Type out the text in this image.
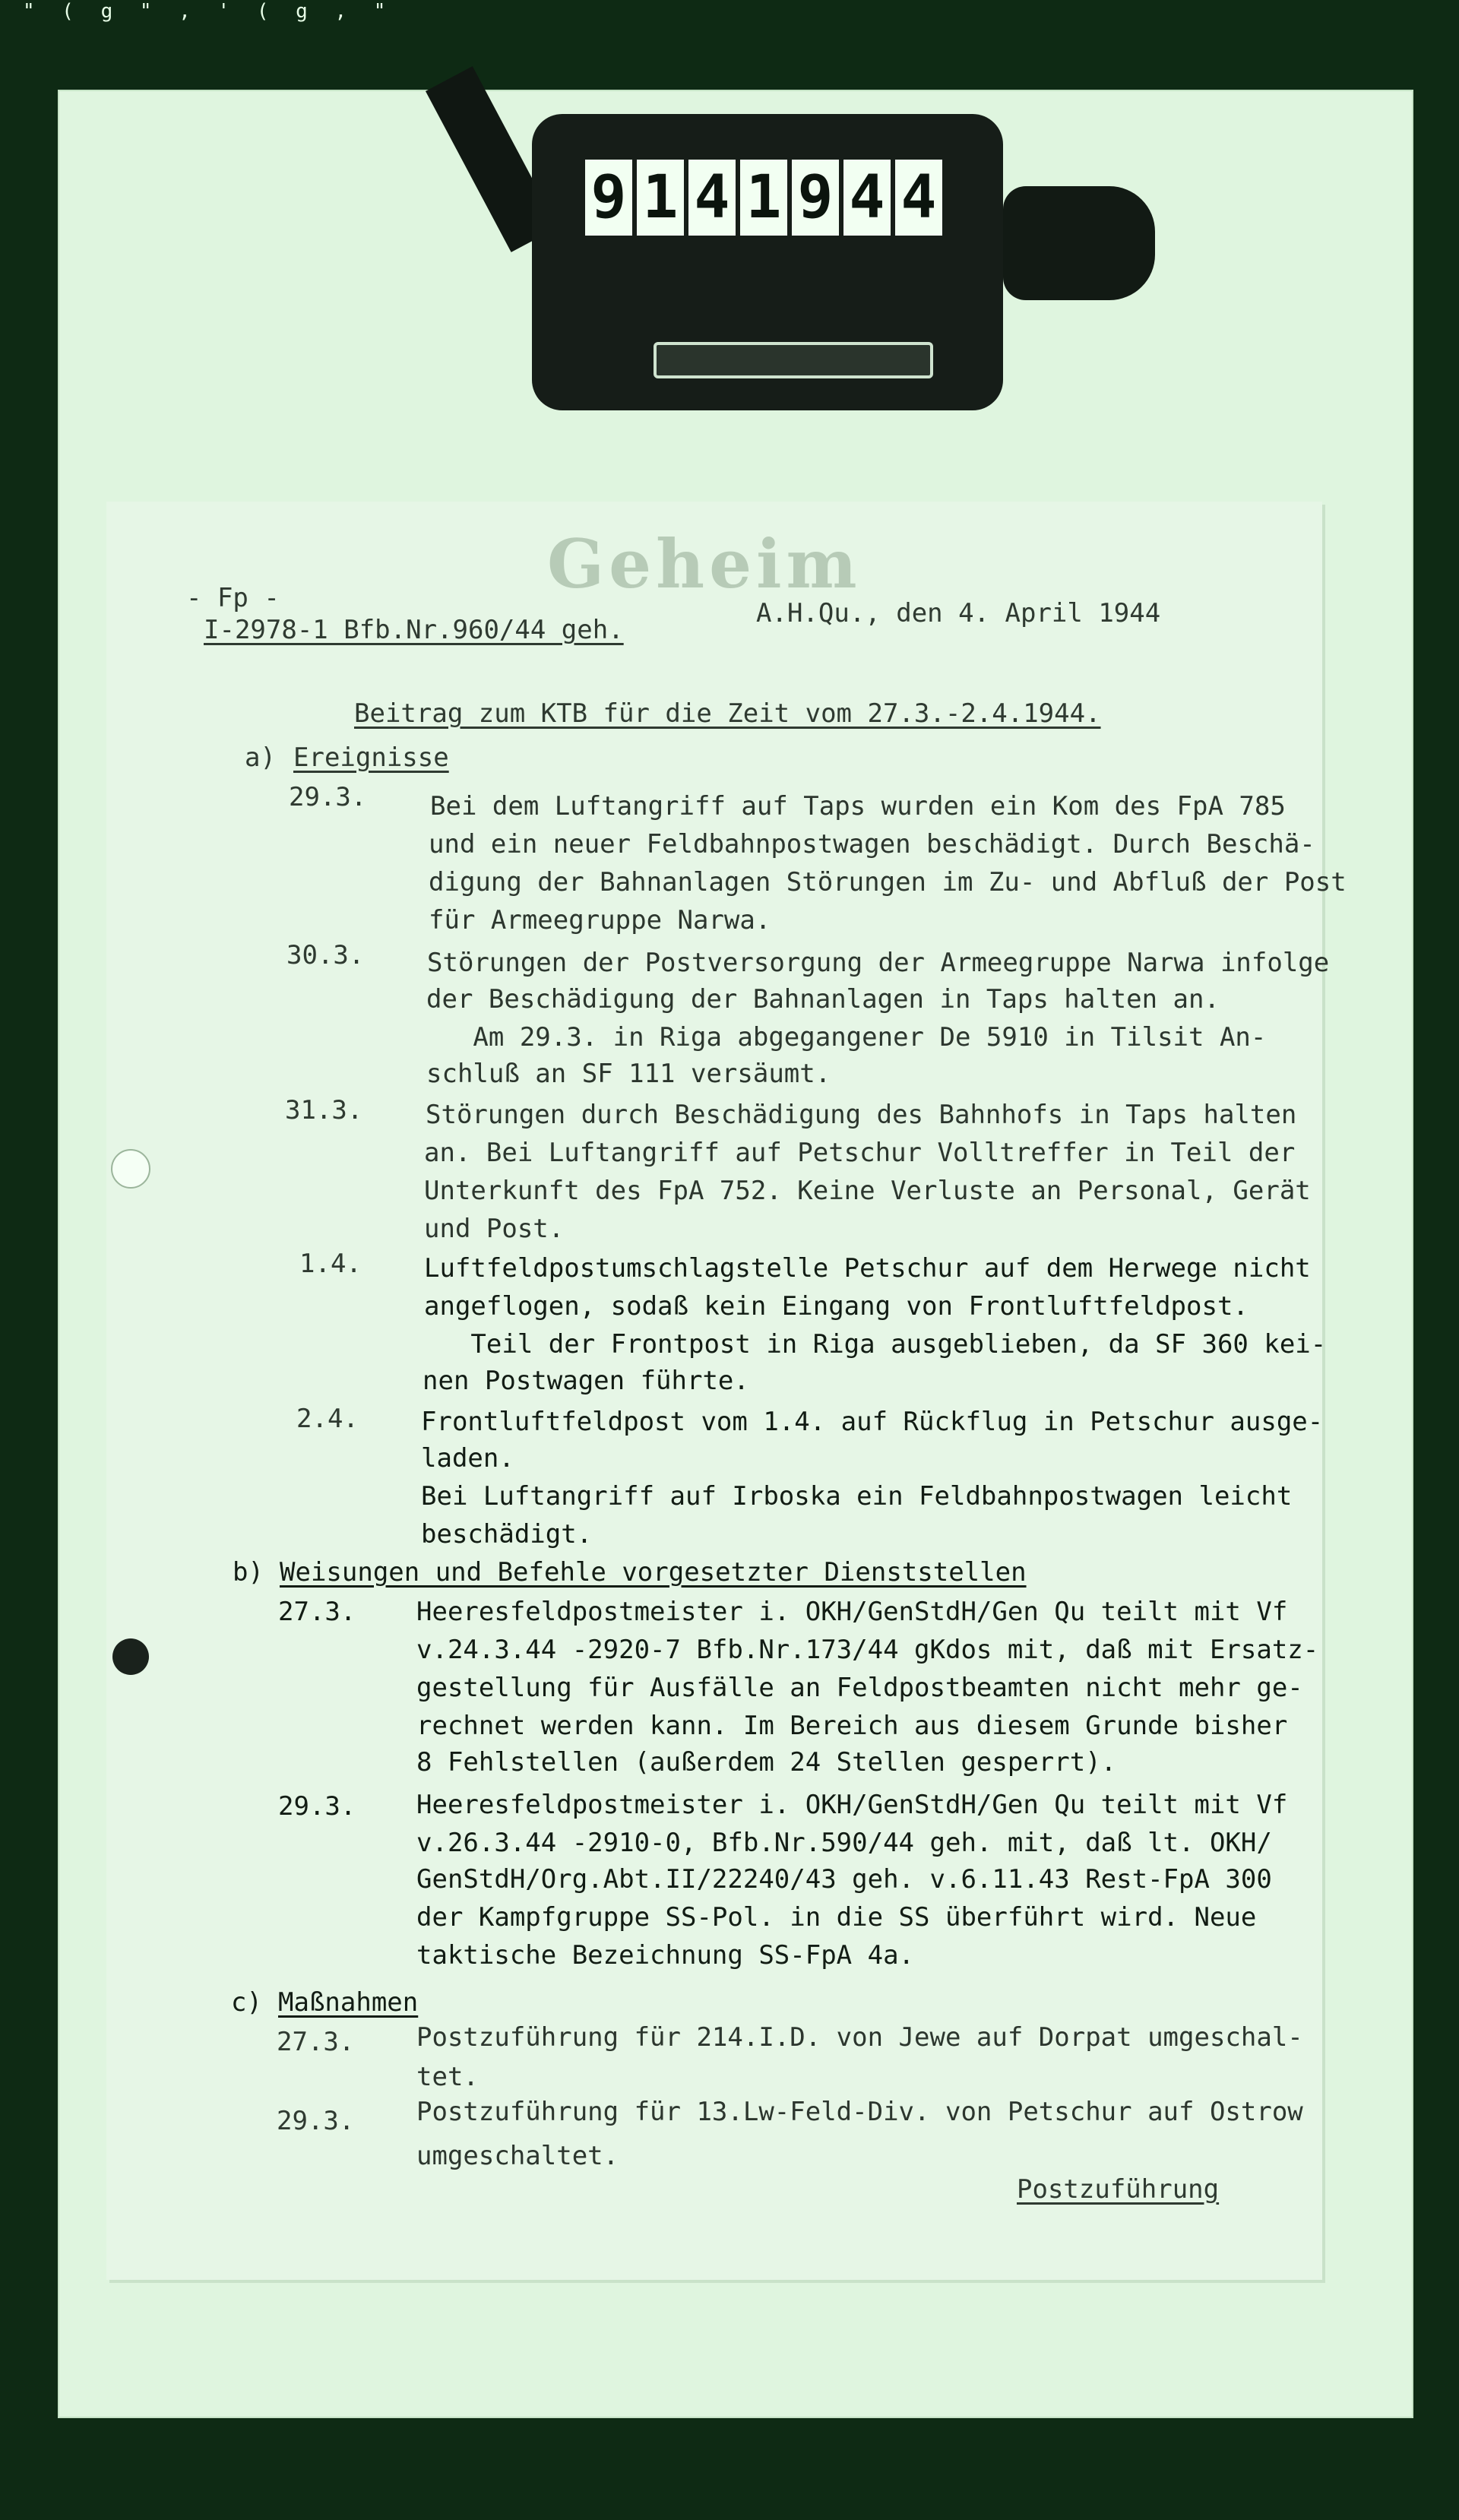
" ( g " , ' ( g , "
9 1 4 1 9 4 4
Geheim
- Fp -
I-2978-1 Bfb.Nr.960/44 geh.
A.H.Qu., den 4. April 1944
Beitrag zum KTB für die Zeit vom 27.3.-2.4.1944.
a) Ereignisse
29.3. Bei dem Luftangriff auf Taps wurden ein Kom des FpA 785
und ein neuer Feldbahnpostwagen beschädigt. Durch Beschä-
digung der Bahnanlagen Störungen im Zu- und Abfluß der Post
für Armeegruppe Narwa.
30.3. Störungen der Postversorgung der Armeegruppe Narwa infolge
der Beschädigung der Bahnanlagen in Taps halten an.
Am 29.3. in Riga abgegangener De 5910 in Tilsit An-
schluß an SF 111 versäumt.
31.3. Störungen durch Beschädigung des Bahnhofs in Taps halten
an. Bei Luftangriff auf Petschur Volltreffer in Teil der
Unterkunft des FpA 752. Keine Verluste an Personal, Gerät
und Post.
1.4. Luftfeldpostumschlagstelle Petschur auf dem Herwege nicht
angeflogen, sodaß kein Eingang von Frontluftfeldpost.
Teil der Frontpost in Riga ausgeblieben, da SF 360 kei-
nen Postwagen führte.
2.4. Frontluftfeldpost vom 1.4. auf Rückflug in Petschur ausge-
laden.
Bei Luftangriff auf Irboska ein Feldbahnpostwagen leicht
beschädigt.
b) Weisungen und Befehle vorgesetzter Dienststellen
27.3. Heeresfeldpostmeister i. OKH/GenStdH/Gen Qu teilt mit Vf
v.24.3.44 -2920-7 Bfb.Nr.173/44 gKdos mit, daß mit Ersatz-
gestellung für Ausfälle an Feldpostbeamten nicht mehr ge-
rechnet werden kann. Im Bereich aus diesem Grunde bisher
8 Fehlstellen (außerdem 24 Stellen gesperrt).
29.3. Heeresfeldpostmeister i. OKH/GenStdH/Gen Qu teilt mit Vf
v.26.3.44 -2910-0, Bfb.Nr.590/44 geh. mit, daß lt. OKH/
GenStdH/Org.Abt.II/22240/43 geh. v.6.11.43 Rest-FpA 300
der Kampfgruppe SS-Pol. in die SS überführt wird. Neue
taktische Bezeichnung SS-FpA 4a.
c) Maßnahmen
27.3. Postzuführung für 214.I.D. von Jewe auf Dorpat umgeschal-
tet.
29.3. Postzuführung für 13.Lw-Feld-Div. von Petschur auf Ostrow
umgeschaltet.
Postzuführung
